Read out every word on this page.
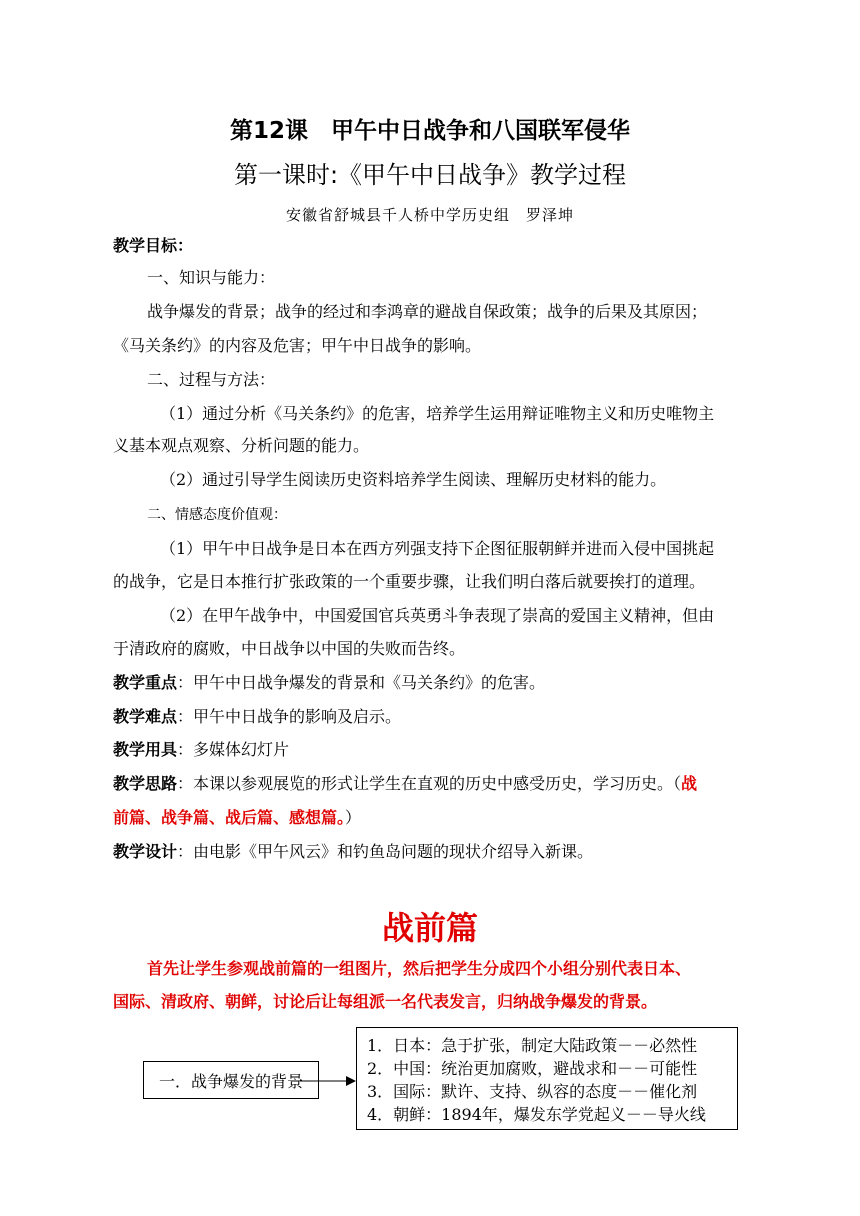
第12课　甲午中日战争和八国联军侵华
第一课时:《甲午中日战争》教学过程
安徽省舒城县千人桥中学历史组　罗泽坤
教学目标：
一、知识与能力：
战争爆发的背景；战争的经过和李鸿章的避战自保政策；战争的后果及其原因；
《马关条约》的内容及危害；甲午中日战争的影响。
二、过程与方法：
（1）通过分析《马关条约》的危害，培养学生运用辩证唯物主义和历史唯物主
义基本观点观察、分析问题的能力。
（2）通过引导学生阅读历史资料培养学生阅读、理解历史材料的能力。
二、情感态度价值观：
（1）甲午中日战争是日本在西方列强支持下企图征服朝鲜并进而入侵中国挑起
的战争，它是日本推行扩张政策的一个重要步骤，让我们明白落后就要挨打的道理。
（2）在甲午战争中，中国爱国官兵英勇斗争表现了崇高的爱国主义精神，但由
于清政府的腐败，中日战争以中国的失败而告终。
教学重点：甲午中日战争爆发的背景和《马关条约》的危害。
教学难点：甲午中日战争的影响及启示。
教学用具：多媒体幻灯片
教学思路：本课以参观展览的形式让学生在直观的历史中感受历史，学习历史。（战
前篇、战争篇、战后篇、感想篇。）
教学设计：由电影《甲午风云》和钓鱼岛问题的现状介绍导入新课。
战前篇
首先让学生参观战前篇的一组图片，然后把学生分成四个小组分别代表日本、
国际、清政府、朝鲜，讨论后让每组派一名代表发言，归纳战争爆发的背景。
一．战争爆发的背景
1．日本：急于扩张，制定大陆政策－－必然性
2．中国：统治更加腐败，避战求和－－可能性
3．国际：默许、支持、纵容的态度－－催化剂
4．朝鲜：1894年，爆发东学党起义－－导火线
